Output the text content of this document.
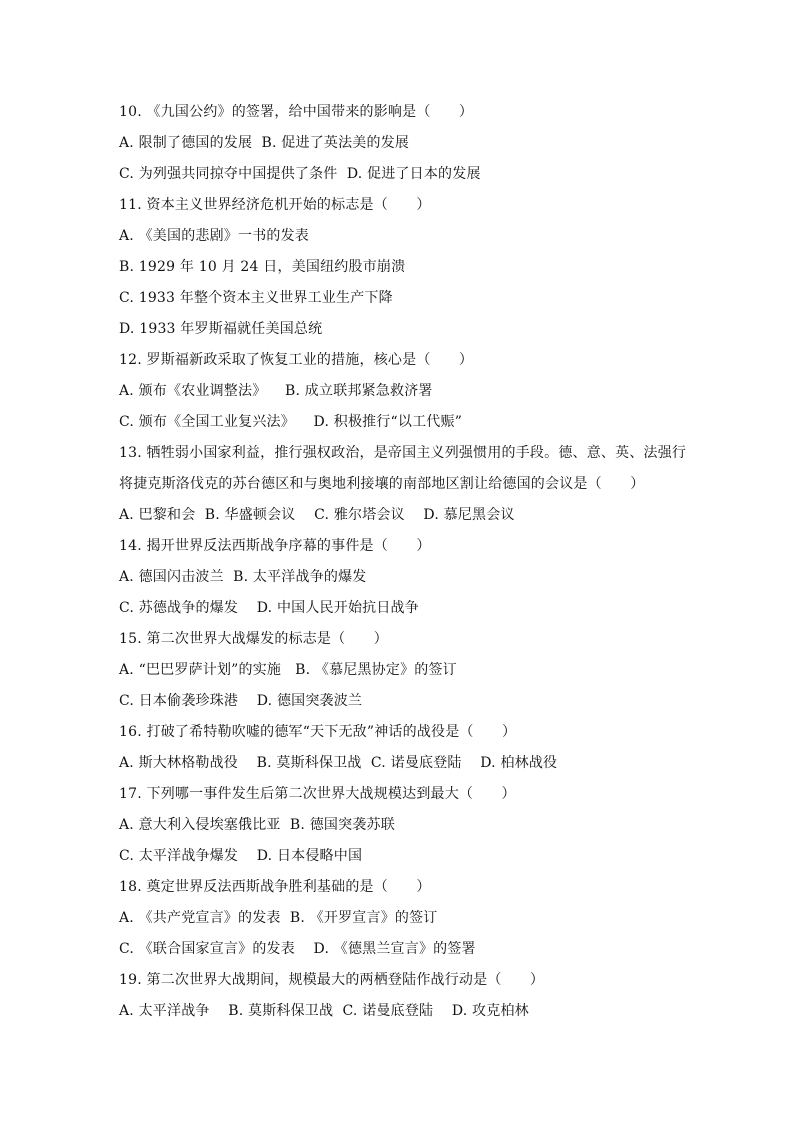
10. 《九国公约》的签署，给中国带来的影响是（　　）
A. 限制了德国的发展  B. 促进了英法美的发展
C. 为列强共同掠夺中国提供了条件  D. 促进了日本的发展
11. 资本主义世界经济危机开始的标志是（　　）
A. 《美国的悲剧》一书的发表
B. 1929 年 10 月 24 日，美国纽约股市崩溃
C. 1933 年整个资本主义世界工业生产下降
D. 1933 年罗斯福就任美国总统
12. 罗斯福新政采取了恢复工业的措施，核心是（　　）
A. 颁布《农业调整法》    B. 成立联邦紧急救济署
C. 颁布《全国工业复兴法》    D. 积极推行“以工代赈”
13. 牺牲弱小国家利益，推行强权政治，是帝国主义列强惯用的手段。德、意、英、法强行
将捷克斯洛伐克的苏台德区和与奥地利接壤的南部地区割让给德国的会议是（　　）
A. 巴黎和会  B. 华盛顿会议    C. 雅尔塔会议    D. 慕尼黑会议
14. 揭开世界反法西斯战争序幕的事件是（　　）
A. 德国闪击波兰  B. 太平洋战争的爆发
C. 苏德战争的爆发    D. 中国人民开始抗日战争
15. 第二次世界大战爆发的标志是（　　）
A. “巴巴罗萨计划”的实施   B. 《慕尼黑协定》的签订
C. 日本偷袭珍珠港    D. 德国突袭波兰
16. 打破了希特勒吹嘘的德军“天下无敌”神话的战役是（　　）
A. 斯大林格勒战役    B. 莫斯科保卫战  C. 诺曼底登陆    D. 柏林战役
17. 下列哪一事件发生后第二次世界大战规模达到最大（　　）
A. 意大利入侵埃塞俄比亚  B. 德国突袭苏联
C. 太平洋战争爆发    D. 日本侵略中国
18. 奠定世界反法西斯战争胜利基础的是（　　）
A. 《共产党宣言》的发表  B. 《开罗宣言》的签订
C. 《联合国家宣言》的发表    D. 《德黑兰宣言》的签署
19. 第二次世界大战期间，规模最大的两栖登陆作战行动是（　　）
A. 太平洋战争    B. 莫斯科保卫战  C. 诺曼底登陆    D. 攻克柏林
